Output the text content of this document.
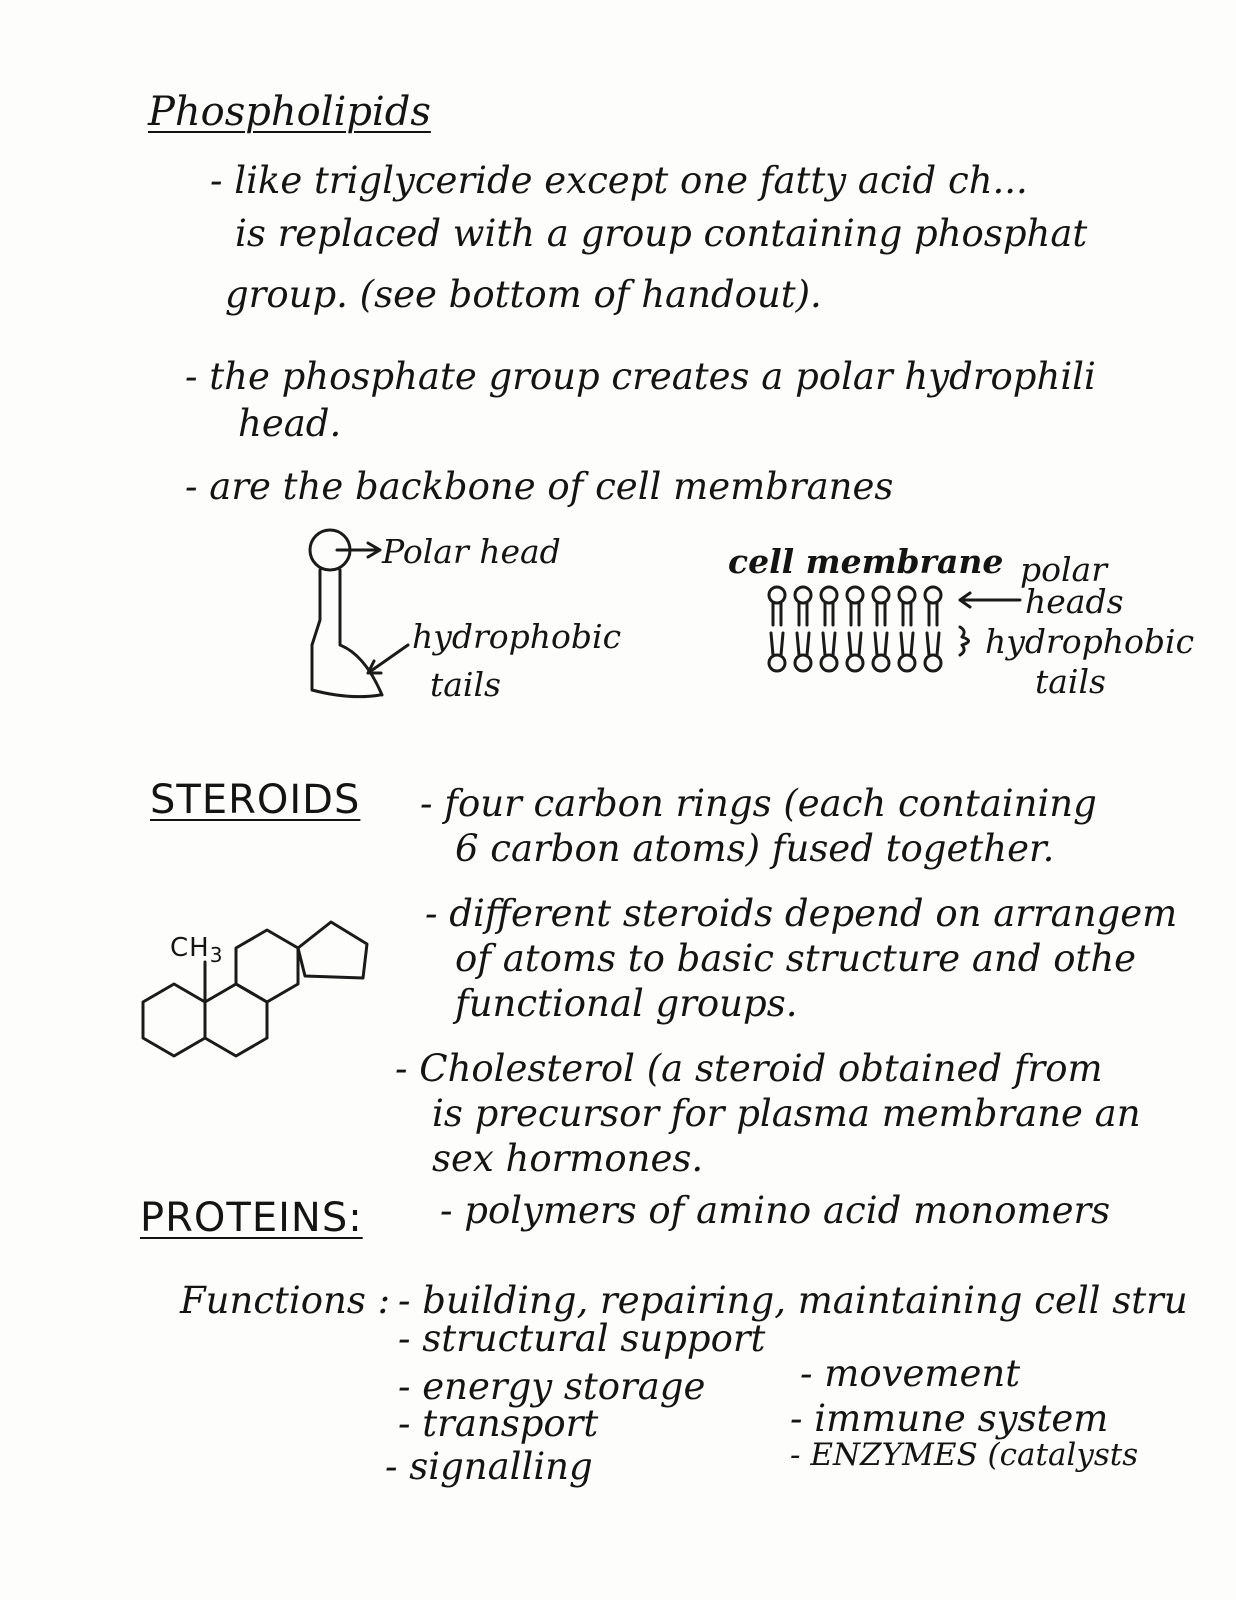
Phospholipids
- like triglyceride except one fatty acid ch...
is replaced with a group containing phosphat
group. (see bottom of handout).
- the phosphate group creates a polar hydrophili
head.
- are the backbone of cell membranes
Polar head
hydrophobic
tails
cell membrane polar
heads
hydrophobic
tails
STEROIDS - four carbon rings (each containing
6 carbon atoms) fused together.
- different steroids depend on arrangem
of atoms to basic structure and othe
functional groups.
- Cholesterol (a steroid obtained from
is precursor for plasma membrane an
sex hormones.
$CH_3$
PROTEINS: - polymers of amino acid monomers
Functions : - building, repairing, maintaining cell stru
- structural support
- energy storage
- transport
- signalling
- movement
- immune system
- ENZYMES (catalysts
